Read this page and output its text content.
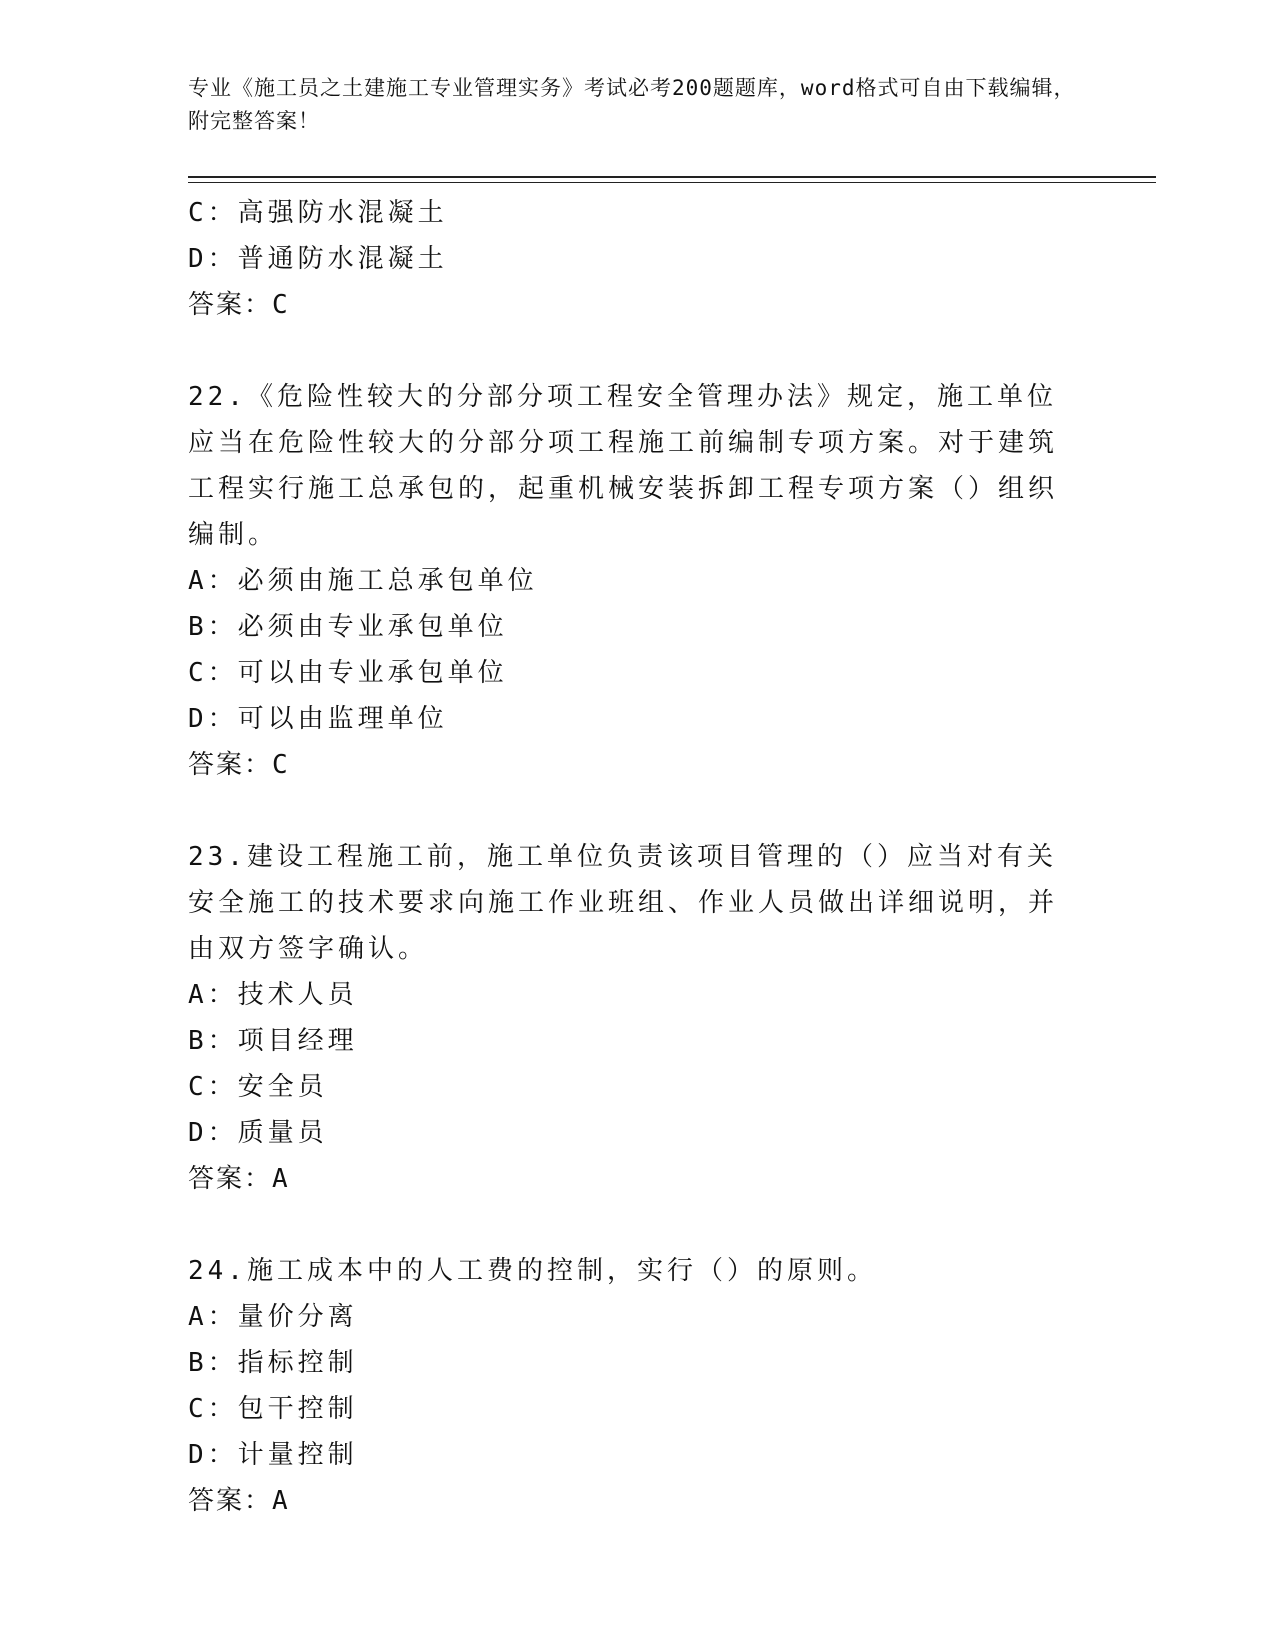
专业《施工员之土建施工专业管理实务》考试必考200题题库，word格式可自由下载编辑，附完整答案！
C：高强防水混凝土
D：普通防水混凝土
答案：C
22.《危险性较大的分部分项工程安全管理办法》规定，施工单位应当在危险性较大的分部分项工程施工前编制专项方案。对于建筑工程实行施工总承包的，起重机械安装拆卸工程专项方案（）组织编制。
A：必须由施工总承包单位
B：必须由专业承包单位
C：可以由专业承包单位
D：可以由监理单位
答案：C
23.建设工程施工前，施工单位负责该项目管理的（）应当对有关安全施工的技术要求向施工作业班组、作业人员做出详细说明，并由双方签字确认。
A：技术人员
B：项目经理
C：安全员
D：质量员
答案：A
24.施工成本中的人工费的控制，实行（）的原则。
A：量价分离
B：指标控制
C：包干控制
D：计量控制
答案：A
